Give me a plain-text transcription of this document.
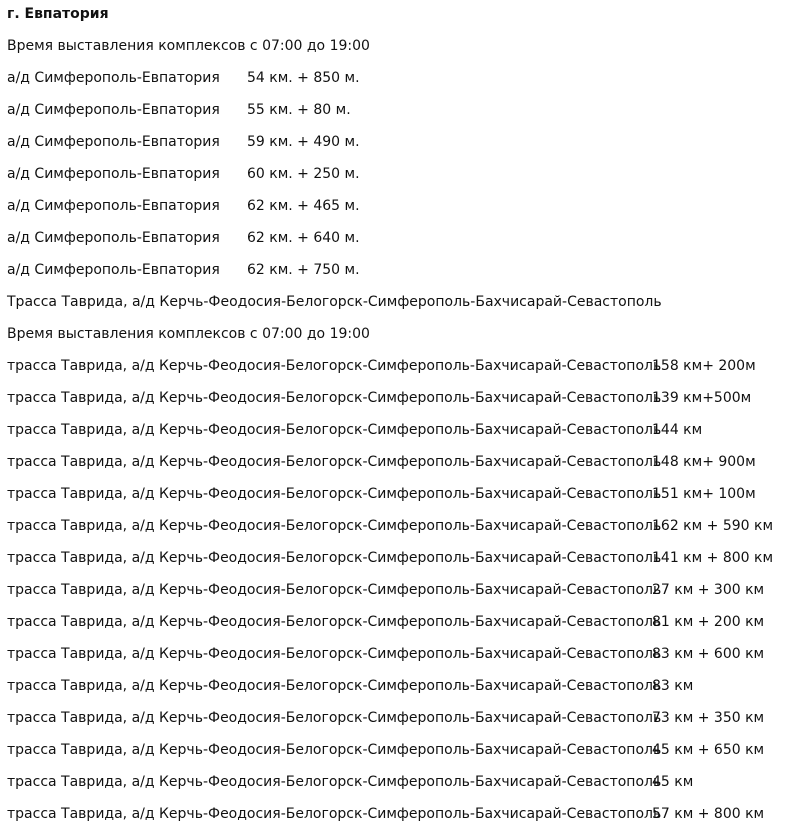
г. Евпатория
Время выставления комплексов с 07:00 до 19:00
а/д Симферополь-Евпатория 54 км. + 850 м.
а/д Симферополь-Евпатория 55 км. + 80 м.
а/д Симферополь-Евпатория 59 км. + 490 м.
а/д Симферополь-Евпатория 60 км. + 250 м.
а/д Симферополь-Евпатория 62 км. + 465 м.
а/д Симферополь-Евпатория 62 км. + 640 м.
а/д Симферополь-Евпатория 62 км. + 750 м.
Трасса Таврида, а/д Керчь-Феодосия-Белогорск-Симферополь-Бахчисарай-Севастополь
Время выставления комплексов с 07:00 до 19:00
трасса Таврида, а/д Керчь-Феодосия-Белогорск-Симферополь-Бахчисарай-Севастополь
158 км+ 200м
трасса Таврида, а/д Керчь-Феодосия-Белогорск-Симферополь-Бахчисарай-Севастополь
139 км+500м
трасса Таврида, а/д Керчь-Феодосия-Белогорск-Симферополь-Бахчисарай-Севастополь
144 км
трасса Таврида, а/д Керчь-Феодосия-Белогорск-Симферополь-Бахчисарай-Севастополь
148 км+ 900м
трасса Таврида, а/д Керчь-Феодосия-Белогорск-Симферополь-Бахчисарай-Севастополь
151 км+ 100м
трасса Таврида, а/д Керчь-Феодосия-Белогорск-Симферополь-Бахчисарай-Севастополь
162 км + 590 км
трасса Таврида, а/д Керчь-Феодосия-Белогорск-Симферополь-Бахчисарай-Севастополь
141 км + 800 км
трасса Таврида, а/д Керчь-Феодосия-Белогорск-Симферополь-Бахчисарай-Севастополь
27 км + 300 км
трасса Таврида, а/д Керчь-Феодосия-Белогорск-Симферополь-Бахчисарай-Севастополь
81 км + 200 км
трасса Таврида, а/д Керчь-Феодосия-Белогорск-Симферополь-Бахчисарай-Севастополь
83 км + 600 км
трасса Таврида, а/д Керчь-Феодосия-Белогорск-Симферополь-Бахчисарай-Севастополь
83 км
трасса Таврида, а/д Керчь-Феодосия-Белогорск-Симферополь-Бахчисарай-Севастополь
73 км + 350 км
трасса Таврида, а/д Керчь-Феодосия-Белогорск-Симферополь-Бахчисарай-Севастополь
45 км + 650 км
трасса Таврида, а/д Керчь-Феодосия-Белогорск-Симферополь-Бахчисарай-Севастополь
45 км
трасса Таврида, а/д Керчь-Феодосия-Белогорск-Симферополь-Бахчисарай-Севастополь
57 км + 800 км
